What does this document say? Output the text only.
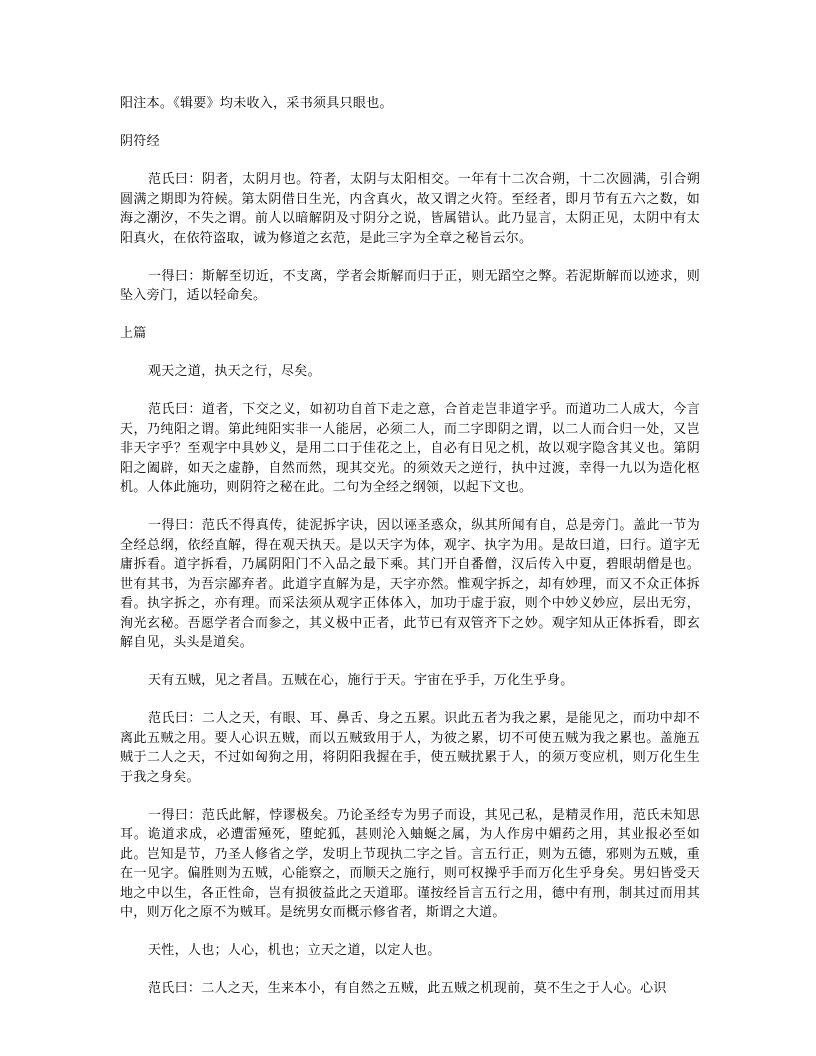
阳注本。《辑要》均未收入，采书须具只眼也。

阴符经

范氏曰：阴者，太阴月也。符者，太阴与太阳相交。一年有十二次合朔，十二次圆满，引合朔圆满之期即为符候。第太阴借日生光，内含真火，故又谓之火符。至经者，即月节有五六之数，如海之潮汐，不失之谓。前人以暗解阴及寸阴分之说，皆属错认。此乃显言，太阴正见，太阴中有太阳真火，在依符盗取，诚为修道之玄范，是此三字为全章之秘旨云尔。

一得曰：斯解至切近，不支离，学者会斯解而归于正，则无蹈空之弊。若泥斯解而以迹求，则坠入旁门，适以轻命矣。

上篇

观天之道，执天之行，尽矣。

范氏曰：道者，下交之义，如初功自首下走之意，合首走岂非道字乎。而道功二人成大，今言天，乃纯阳之谓。第此纯阳实非一人能居，必须二人，而二字即阴之谓，以二人而合归一处，又岂非天字乎？至观字中具妙义，是用二口于佳花之上，自必有日见之机，故以观字隐含其义也。第阴阳之阖辟，如天之虚静，自然而然，现其交光。的须效天之逆行，执中过渡，幸得一九以为造化枢机。人体此施功，则阴符之秘在此。二句为全经之纲领，以起下文也。

一得曰：范氏不得真传，徒泥拆字诀，因以诬圣惑众，纵其所闻有自，总是旁门。盖此一节为全经总纲，依经直解，得在观天执天。是以天字为体，观字、执字为用。是故曰道，曰行。道字无庸拆看。道字拆看，乃属阴阳门不入品之最下乘。其门开自番僧，汉后传入中夏，碧眼胡僧是也。世有其书，为吾宗鄙弃者。此道字直解为是，天字亦然。惟观字拆之，却有妙理，而又不众正体拆看。执字拆之，亦有理。而采法须从观字正体体入，加功于虚于寂，则个中妙义妙应，层出无穷，洵光玄秘。吾愿学者合而参之，其义极中正者，此节已有双管齐下之妙。观字知从正体拆看，即玄解自见，头头是道矣。

天有五贼，见之者昌。五贼在心，施行于天。宇宙在乎手，万化生乎身。

范氏曰：二人之天，有眼、耳、鼻舌、身之五累。识此五者为我之累，是能见之，而功中却不离此五贼之用。要人心识五贼，而以五贼致用于人，为彼之累，切不可使五贼为我之累也。盖施五贼于二人之天，不过如匈狗之用，将阴阳我握在手，使五贼扰累于人，的须万变应机，则万化生生于我之身矣。

一得曰：范氏此解，悖谬极矣。乃论圣经专为男子而设，其见己私，是精灵作用，范氏未知思耳。诡道求成，必遭雷殛死，堕蛇狐，甚则沦入蚰蜒之属，为人作房中媚药之用，其业报必至如此。岂知是节，乃圣人修省之学，发明上节现执二字之旨。言五行正，则为五德，邪则为五贼，重在一见字。偏胜则为五贼，心能察之，而顺天之施行，则可权操乎手而万化生乎身矣。男妇皆受天地之中以生，各正性命，岂有损彼益此之天道耶。谨按经旨言五行之用，德中有刑，制其过而用其中，则万化之原不为贼耳。是统男女而概示修省者，斯谓之大道。

天性，人也；人心，机也；立天之道，以定人也。

范氏曰：二人之天，生来本小，有自然之五贼，此五贼之机现前，莫不生之于人心。心识
